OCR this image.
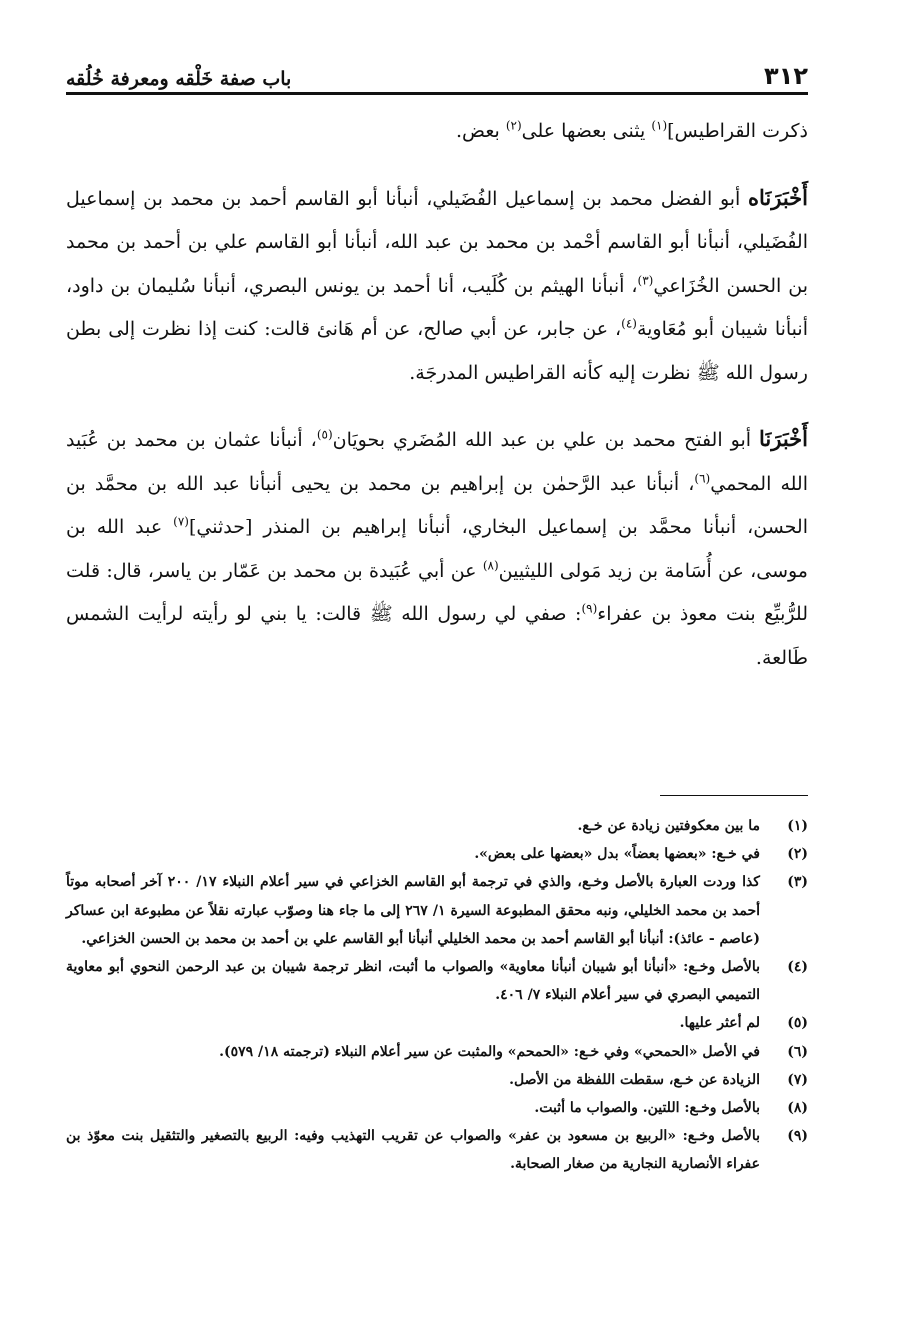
٣١٢
باب صفة خَلْقه ومعرفة خُلُقه

ذكرت القراطيس]$^{(١)}$ يثنى بعضها على$^{(٢)}$ بعض.

أَخْبَرَنَاه أبو الفضل محمد بن إسماعيل الفُضَيلي، أنبأنا أبو القاسم أحمد بن محمد بن إسماعيل الفُضَيلي، أنبأنا أبو القاسم أحْمد بن محمد بن عبد الله، أنبأنا أبو القاسم علي بن أحمد بن محمد بن الحسن الخُزَاعي$^{(٣)}$، أنبأنا الهيثم بن كُلَيب، أنا أحمد بن يونس البصري، أنبأنا سُليمان بن داود، أنبأنا شيبان أبو مُعَاوية$^{(٤)}$، عن جابر، عن أبي صالح، عن أم هَانئ قالت: كنت إذا نظرت إلى بطن رسول الله ﷺ نظرت إليه كأنه القراطيس المدرجَة.

أَخْبَرَنَا أبو الفتح محمد بن علي بن عبد الله المُضَري بحويَان$^{(٥)}$، أنبأنا عثمان بن محمد بن عُبَيد الله المحمي$^{(٦)}$، أنبأنا عبد الرَّحمٰن بن إبراهيم بن محمد بن يحيى أنبأنا عبد الله بن محمَّد بن الحسن، أنبأنا محمَّد بن إسماعيل البخاري، أنبأنا إبراهيم بن المنذر [حدثني]$^{(٧)}$ عبد الله بن موسى، عن أُسَامة بن زيد مَولى الليثيين$^{(٨)}$ عن أبي عُبَيدة بن محمد بن عَمّار بن ياسر، قال: قلت للرُّبيِّع بنت معوذ بن عفراء$^{(٩)}$: صفي لي رسول الله ﷺ قالت: يا بني لو رأيته لرأيت الشمس طَالعة.

(١)
ما بين معكوفتين زيادة عن خـع.
(٢)
في خـع: «بعضها بعضاً» بدل «بعضها على بعض».
(٣)
كذا وردت العبارة بالأصل وخـع، والذي في ترجمة أبو القاسم الخزاعي في سير أعلام النبلاء ١٧/ ٢٠٠ آخر أصحابه موتاً أحمد بن محمد الخليلي، ونبه محقق المطبوعة السيرة ١/ ٢٦٧ إلى ما جاء هنا وصوّب عبارته نقلاً عن مطبوعة ابن عساكر (عاصم - عائذ): أنبأنا أبو القاسم أحمد بن محمد الخليلي أنبأنا أبو القاسم علي بن أحمد بن محمد بن الحسن الخزاعي.
(٤)
بالأصل وخـع: «أنبأنا أبو شيبان أنبأنا معاوية» والصواب ما أثبت، انظر ترجمة شيبان بن عبد الرحمن النحوي أبو معاوية التميمي البصري في سير أعلام النبلاء ٧/ ٤٠٦.
(٥)
لم أعثر عليها.
(٦)
في الأصل «الحمحي» وفي خـع: «الحمحم» والمثبت عن سير أعلام النبلاء (ترجمته ١٨/ ٥٧٩).
(٧)
الزيادة عن خـع، سقطت اللفظة من الأصل.
(٨)
بالأصل وخـع: اللتين. والصواب ما أثبت.
(٩)
بالأصل وخـع: «الربيع بن مسعود بن عفر» والصواب عن تقريب التهذيب وفيه: الربيع بالتصغير والتثقيل بنت معوّذ بن عفراء الأنصارية النجارية من صغار الصحابة.
